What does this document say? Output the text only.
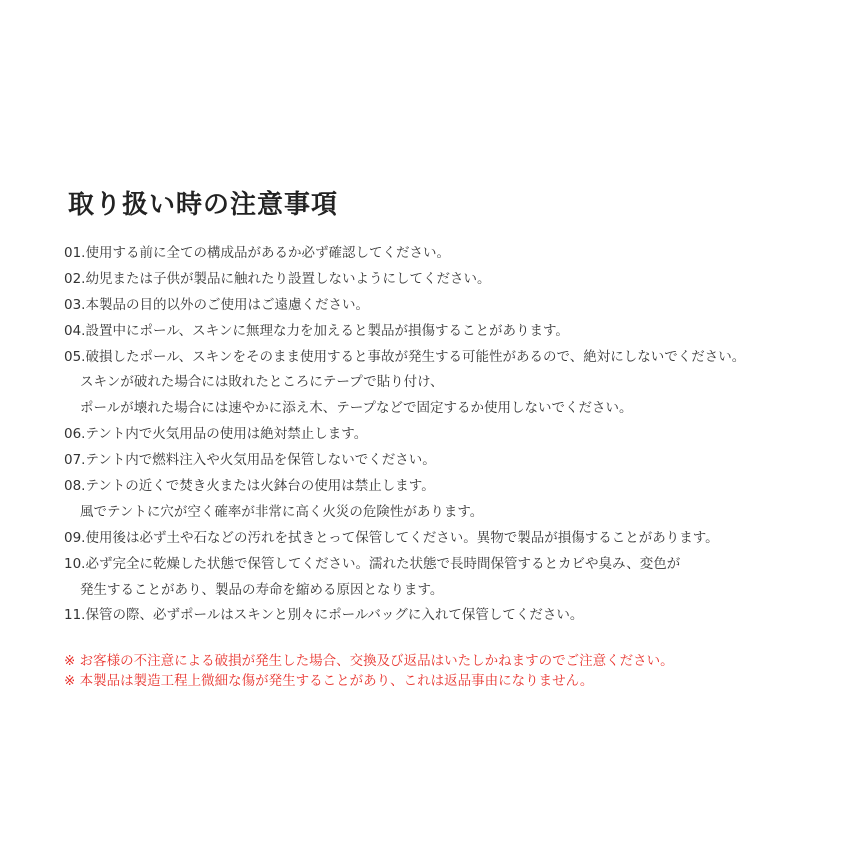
取り扱い時の注意事項
01.使用する前に全ての構成品があるか必ず確認してください。
02.幼児または子供が製品に触れたり設置しないようにしてください。
03.本製品の目的以外のご使用はご遠慮ください。
04.設置中にポール、スキンに無理な力を加えると製品が損傷することがあります。
05.破損したポール、スキンをそのまま使用すると事故が発生する可能性があるので、絶対にしないでください。
スキンが破れた場合には敗れたところにテープで貼り付け、
ポールが壊れた場合には速やかに添え木、テープなどで固定するか使用しないでください。
06.テント内で火気用品の使用は絶対禁止します。
07.テント内で燃料注入や火気用品を保管しないでください。
08.テントの近くで焚き火または火鉢台の使用は禁止します。
風でテントに穴が空く確率が非常に高く火災の危険性があります。
09.使用後は必ず土や石などの汚れを拭きとって保管してください。異物で製品が損傷することがあります。
10.必ず完全に乾燥した状態で保管してください。濡れた状態で長時間保管するとカビや臭み、変色が
発生することがあり、製品の寿命を縮める原因となります。
11.保管の際、必ずポールはスキンと別々にポールバッグに入れて保管してください。
※ お客様の不注意による破損が発生した場合、交換及び返品はいたしかねますのでご注意ください。
※ 本製品は製造工程上微細な傷が発生することがあり、これは返品事由になりません。
